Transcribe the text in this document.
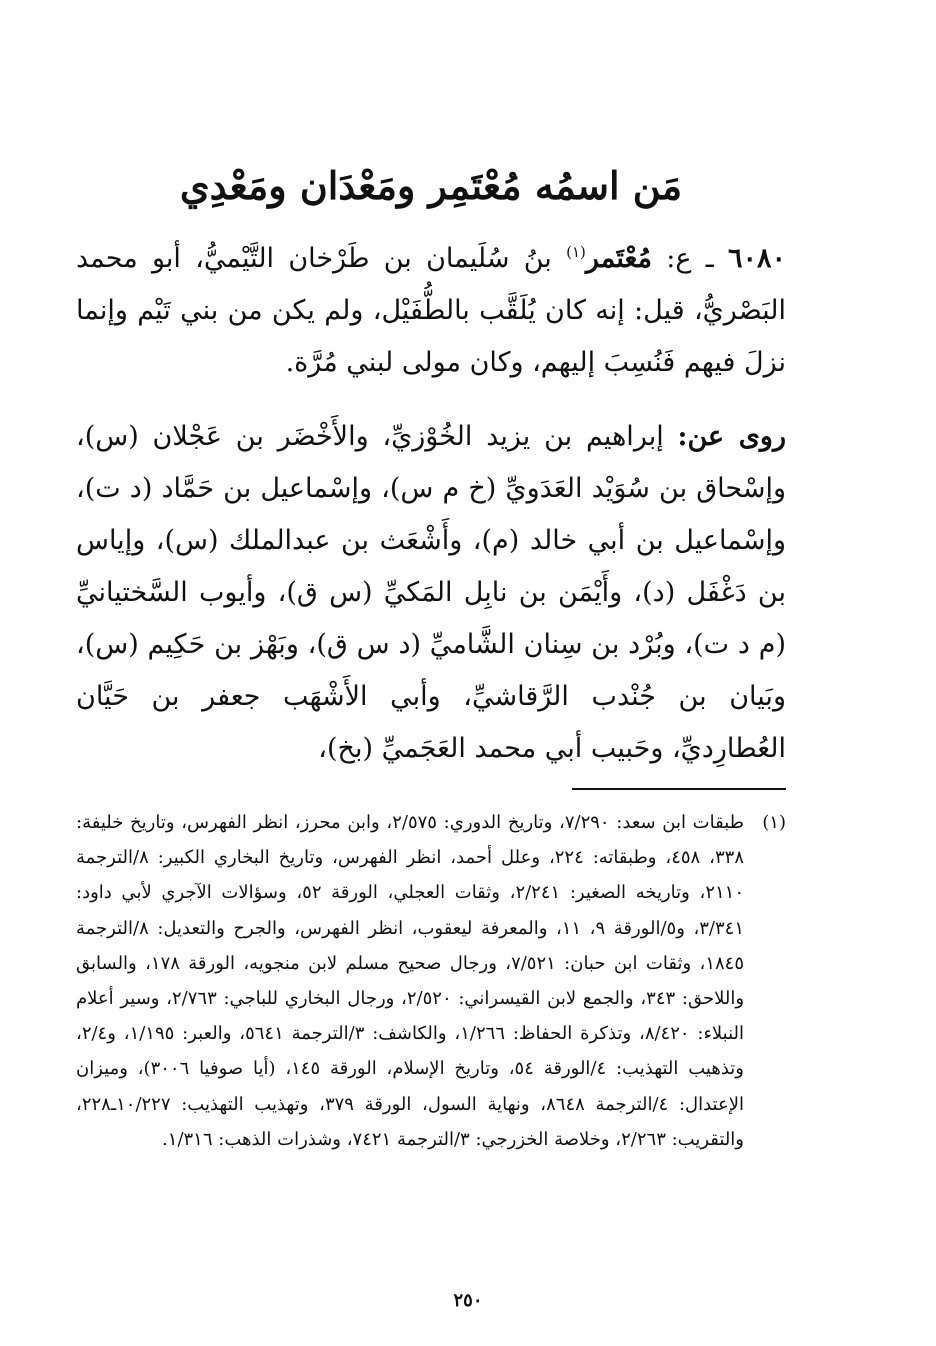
مَن اسمُه مُعْتَمِر ومَعْدَان ومَعْدِي

٦٠٨٠ ـ ع: مُعْتَمر$^{(١)}$ بنُ سُلَيمان بن طَرْخان التَّيْميُّ، أبو محمد البَصْريُّ، قيل: إنه كان يُلَقَّب بالطُّفَيْل، ولم يكن من بني تَيْم وإنما نزلَ فيهم فَنُسِبَ إليهم، وكان مولى لبني مُرَّة.

روى عن: إبراهيم بن يزيد الخُوْزيِّ، والأَخْضَر بن عَجْلان (س)، وإسْحاق بن سُوَيْد العَدَويِّ (خ م س)، وإسْماعيل بن حَمَّاد (د ت)، وإسْماعيل بن أبي خالد (م)، وأَشْعَث بن عبدالملك (س)، وإياس بن دَغْفَل (د)، وأَيْمَن بن نابِل المَكيِّ (س ق)، وأيوب السَّختيانيِّ (م د ت)، وبُرْد بن سِنان الشَّاميِّ (د س ق)، وبَهْز بن حَكِيم (س)، وبَيان بن جُنْدب الرَّقاشيِّ، وأبي الأَشْهَب جعفر بن حَيَّان العُطارِديِّ، وحَبيب أبي محمد العَجَميِّ (بخ)،

(١)
طبقات ابن سعد: ٧/٢٩٠، وتاريخ الدوري: ٢/٥٧٥، وابن محرز، انظر الفهرس، وتاريخ خليفة: ٣٣٨، ٤٥٨، وطبقاته: ٢٢٤، وعلل أحمد، انظر الفهرس، وتاريخ البخاري الكبير: ٨/الترجمة ٢١١٠، وتاريخه الصغير: ٢/٢٤١، وثقات العجلي، الورقة ٥٢، وسؤالات الآجري لأبي داود: ٣/٣٤١، و٥/الورقة ٩، ١١، والمعرفة ليعقوب، انظر الفهرس، والجرح والتعديل: ٨/الترجمة ١٨٤٥، وثقات ابن حبان: ٧/٥٢١، ورجال صحيح مسلم لابن منجويه، الورقة ١٧٨، والسابق واللاحق: ٣٤٣، والجمع لابن القيسراني: ٢/٥٢٠، ورجال البخاري للباجي: ٢/٧٦٣، وسير أعلام النبلاء: ٨/٤٢٠، وتذكرة الحفاظ: ١/٢٦٦، والكاشف: ٣/الترجمة ٥٦٤١، والعبر: ١/١٩٥، و٢/٤، وتذهيب التهذيب: ٤/الورقة ٥٤، وتاريخ الإسلام، الورقة ١٤٥، (أيا صوفيا ٣٠٠٦)، وميزان الإعتدال: ٤/الترجمة ٨٦٤٨، ونهاية السول، الورقة ٣٧٩، وتهذيب التهذيب: ١٠/٢٢٧ـ٢٢٨، والتقريب: ٢/٢٦٣، وخلاصة الخزرجي: ٣/الترجمة ٧٤٢١، وشذرات الذهب: ١/٣١٦.
٢٥٠
